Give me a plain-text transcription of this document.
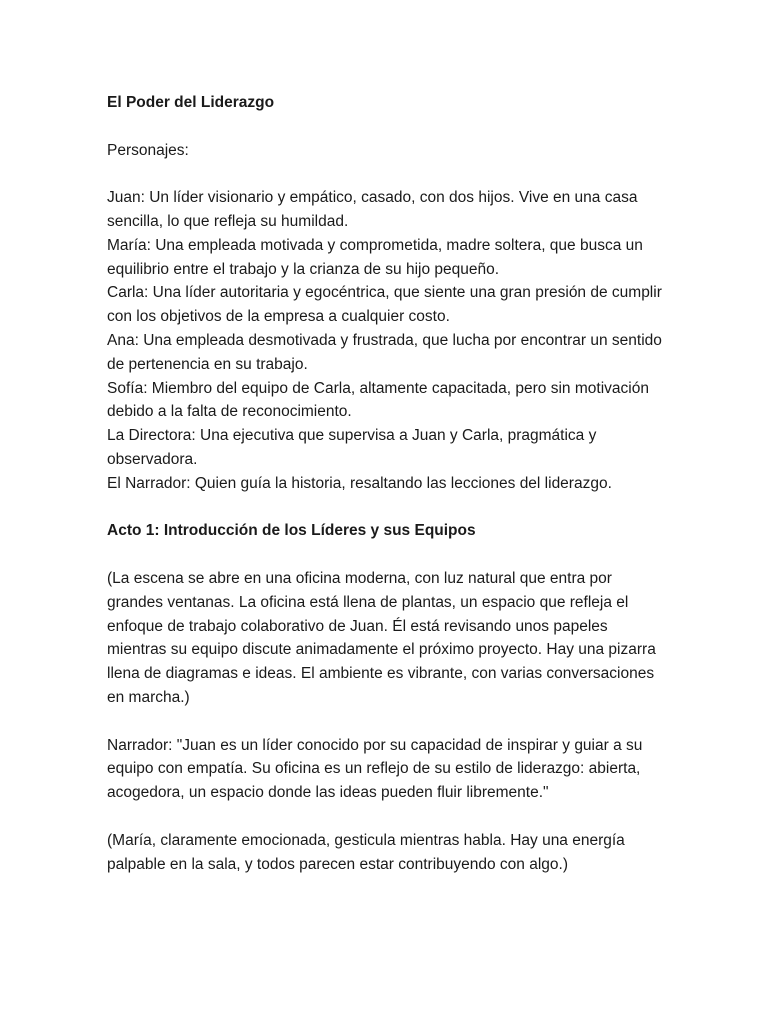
El Poder del Liderazgo

Personajes:

Juan: Un líder visionario y empático, casado, con dos hijos. Vive en una casa sencilla, lo que refleja su humildad.

María: Una empleada motivada y comprometida, madre soltera, que busca un equilibrio entre el trabajo y la crianza de su hijo pequeño.

Carla: Una líder autoritaria y egocéntrica, que siente una gran presión de cumplir con los objetivos de la empresa a cualquier costo.

Ana: Una empleada desmotivada y frustrada, que lucha por encontrar un sentido de pertenencia en su trabajo.

Sofía: Miembro del equipo de Carla, altamente capacitada, pero sin motivación debido a la falta de reconocimiento.

La Directora: Una ejecutiva que supervisa a Juan y Carla, pragmática y observadora.

El Narrador: Quien guía la historia, resaltando las lecciones del liderazgo.

Acto 1: Introducción de los Líderes y sus Equipos

(La escena se abre en una oficina moderna, con luz natural que entra por grandes ventanas. La oficina está llena de plantas, un espacio que refleja el enfoque de trabajo colaborativo de Juan. Él está revisando unos papeles mientras su equipo discute animadamente el próximo proyecto. Hay una pizarra llena de diagramas e ideas. El ambiente es vibrante, con varias conversaciones en marcha.)

Narrador: "Juan es un líder conocido por su capacidad de inspirar y guiar a su equipo con empatía. Su oficina es un reflejo de su estilo de liderazgo: abierta, acogedora, un espacio donde las ideas pueden fluir libremente."

(María, claramente emocionada, gesticula mientras habla. Hay una energía palpable en la sala, y todos parecen estar contribuyendo con algo.)
